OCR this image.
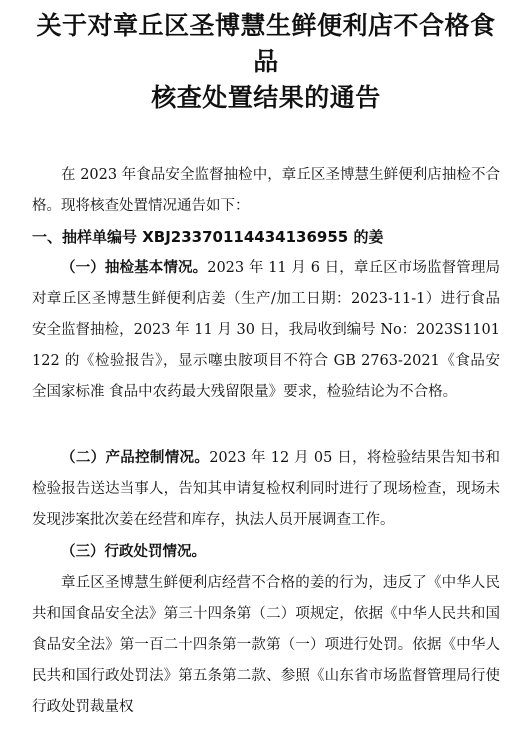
关于对章丘区圣博慧生鲜便利店不合格食品
核查处置结果的通告

在 2023 年食品安全监督抽检中，章丘区圣博慧生鲜便利店抽检不合格。现将核查处置情况通告如下：

一、抽样单编号 XBJ23370114434136955 的姜

（一）抽检基本情况。2023 年 11 月 6 日，章丘区市场监督管理局对章丘区圣博慧生鲜便利店姜（生产/加工日期：2023-11-1）进行食品安全监督抽检，2023 年 11 月 30 日，我局收到编号 No：2023S1101122 的《检验报告》，显示噻虫胺项目不符合 GB 2763-2021《食品安全国家标准 食品中农药最大残留限量》要求，检验结论为不合格。

（二）产品控制情况。2023 年 12 月 05 日，将检验结果告知书和检验报告送达当事人，告知其申请复检权利同时进行了现场检查，现场未发现涉案批次姜在经营和库存，执法人员开展调查工作。

（三）行政处罚情况。

章丘区圣博慧生鲜便利店经营不合格的姜的行为，违反了《中华人民共和国食品安全法》第三十四条第（二）项规定，依据《中华人民共和国食品安全法》第一百二十四条第一款第（一）项进行处罚。依据《中华人民共和国行政处罚法》第五条第二款、参照《山东省市场监督管理局行使行政处罚裁量权
